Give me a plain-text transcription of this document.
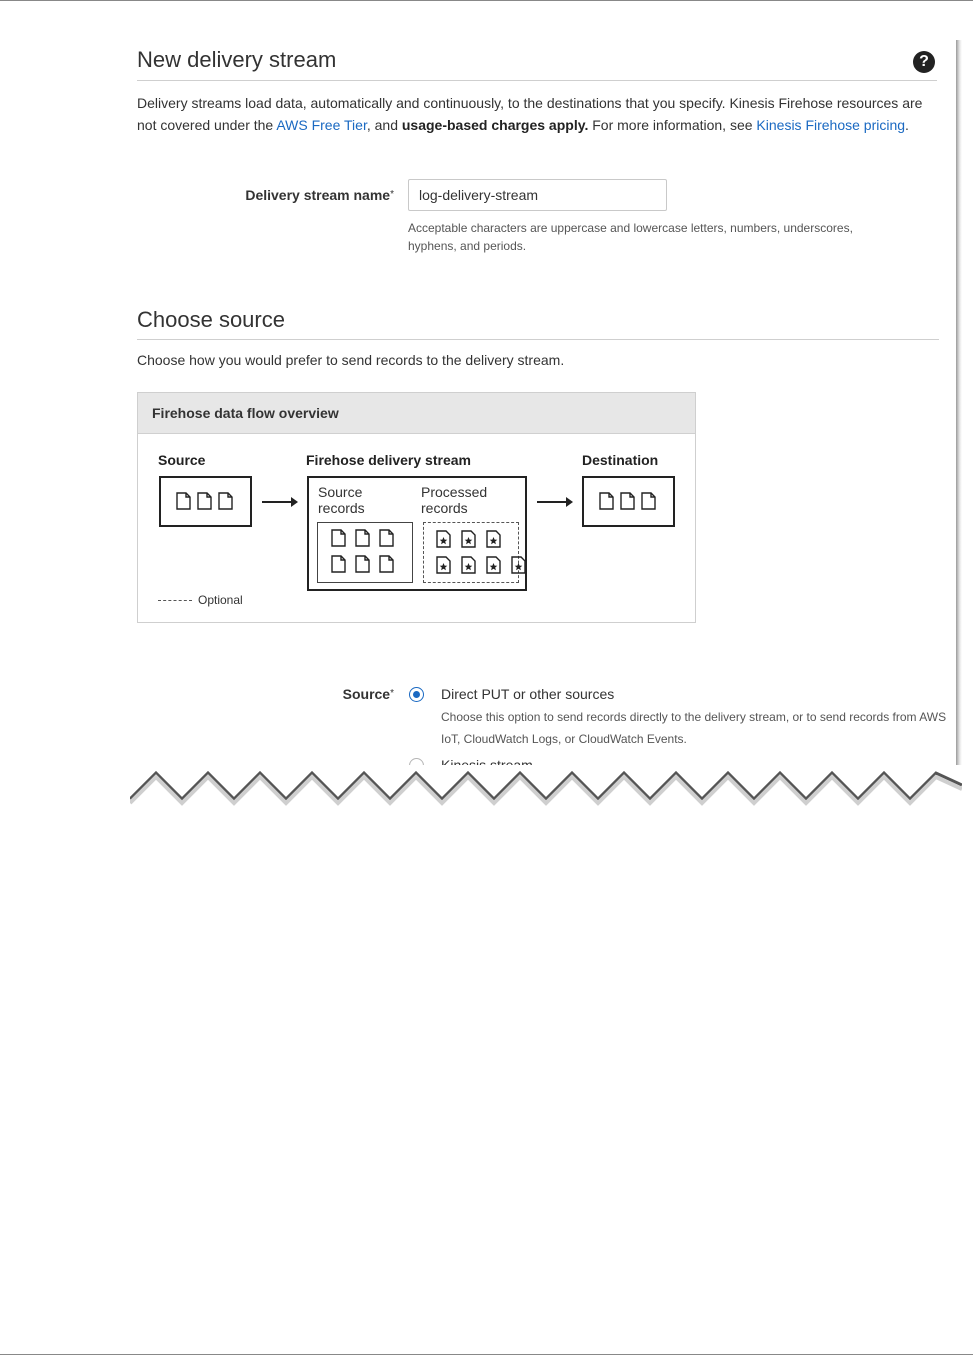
New delivery stream	?
Delivery streams load data, automatically and continuously, to the destinations that you specify. Kinesis Firehose resources are not covered under the AWS Free Tier, and usage-based charges apply. For more information, see Kinesis Firehose pricing.
Delivery stream name*
log-delivery-stream
Acceptable characters are uppercase and lowercase letters, numbers, underscores, hyphens, and periods.
Choose source
Choose how you would prefer to send records to the delivery stream.
Firehose data flow overview
Source	Firehose delivery stream	Destination
Source
records
Processed
records
Optional
Source*	Direct PUT or other sources
Choose this option to send records directly to the delivery stream, or to send records from AWS IoT, CloudWatch Logs, or CloudWatch Events.
